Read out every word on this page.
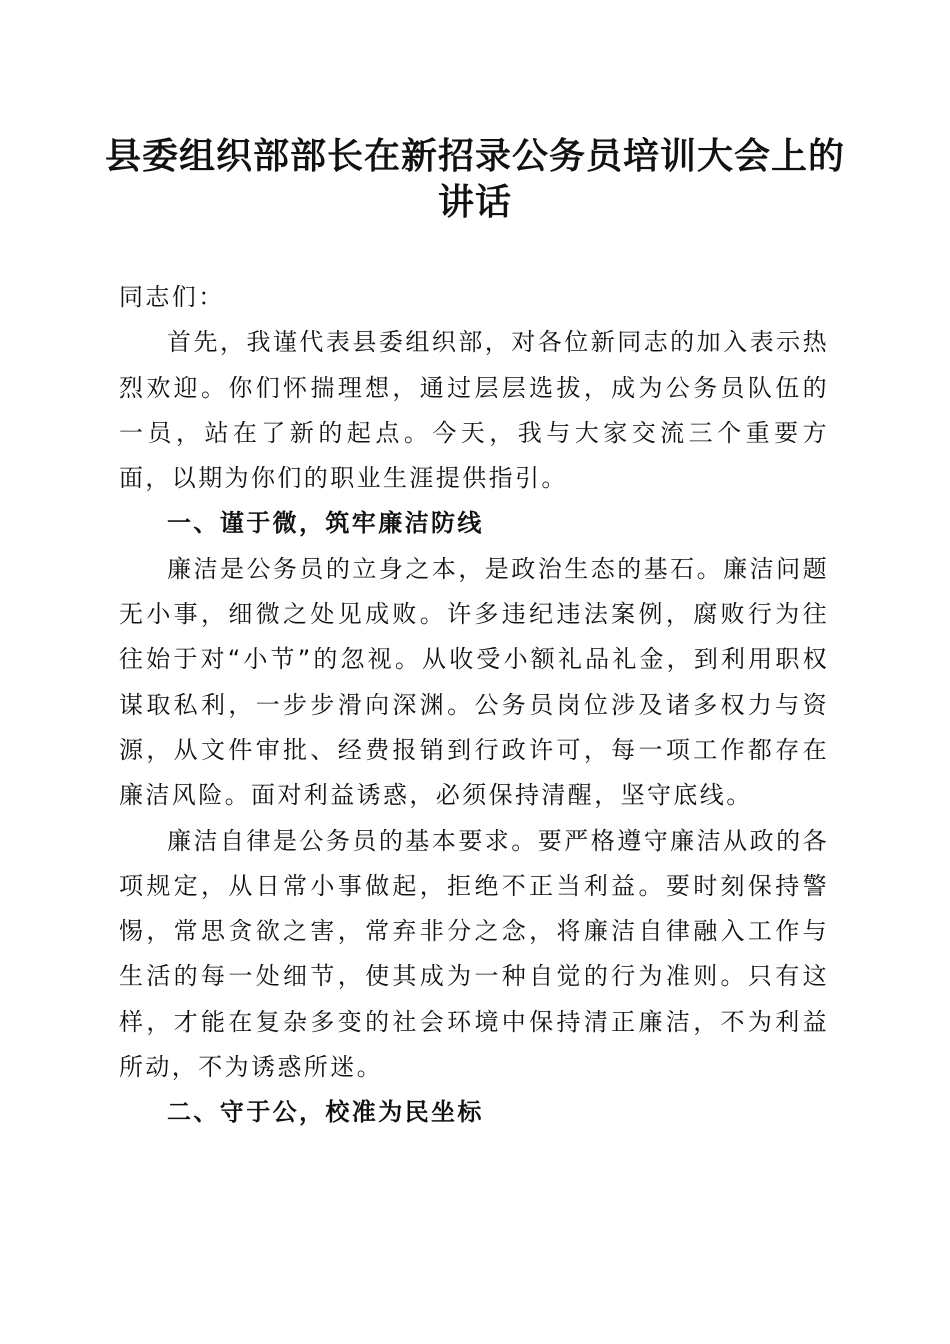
县委组织部部长在新招录公务员培训大会上的讲话

同志们：

首先，我谨代表县委组织部，对各位新同志的加入表示热烈欢迎。你们怀揣理想，通过层层选拔，成为公务员队伍的一员，站在了新的起点。今天，我与大家交流三个重要方面，以期为你们的职业生涯提供指引。

一、谨于微，筑牢廉洁防线

廉洁是公务员的立身之本，是政治生态的基石。廉洁问题无小事，细微之处见成败。许多违纪违法案例，腐败行为往往始于对“小节”的忽视。从收受小额礼品礼金，到利用职权谋取私利，一步步滑向深渊。公务员岗位涉及诸多权力与资源，从文件审批、经费报销到行政许可，每一项工作都存在廉洁风险。面对利益诱惑，必须保持清醒，坚守底线。

廉洁自律是公务员的基本要求。要严格遵守廉洁从政的各项规定，从日常小事做起，拒绝不正当利益。要时刻保持警惕，常思贪欲之害，常弃非分之念，将廉洁自律融入工作与生活的每一处细节，使其成为一种自觉的行为准则。只有这样，才能在复杂多变的社会环境中保持清正廉洁，不为利益所动，不为诱惑所迷。

二、守于公，校准为民坐标
